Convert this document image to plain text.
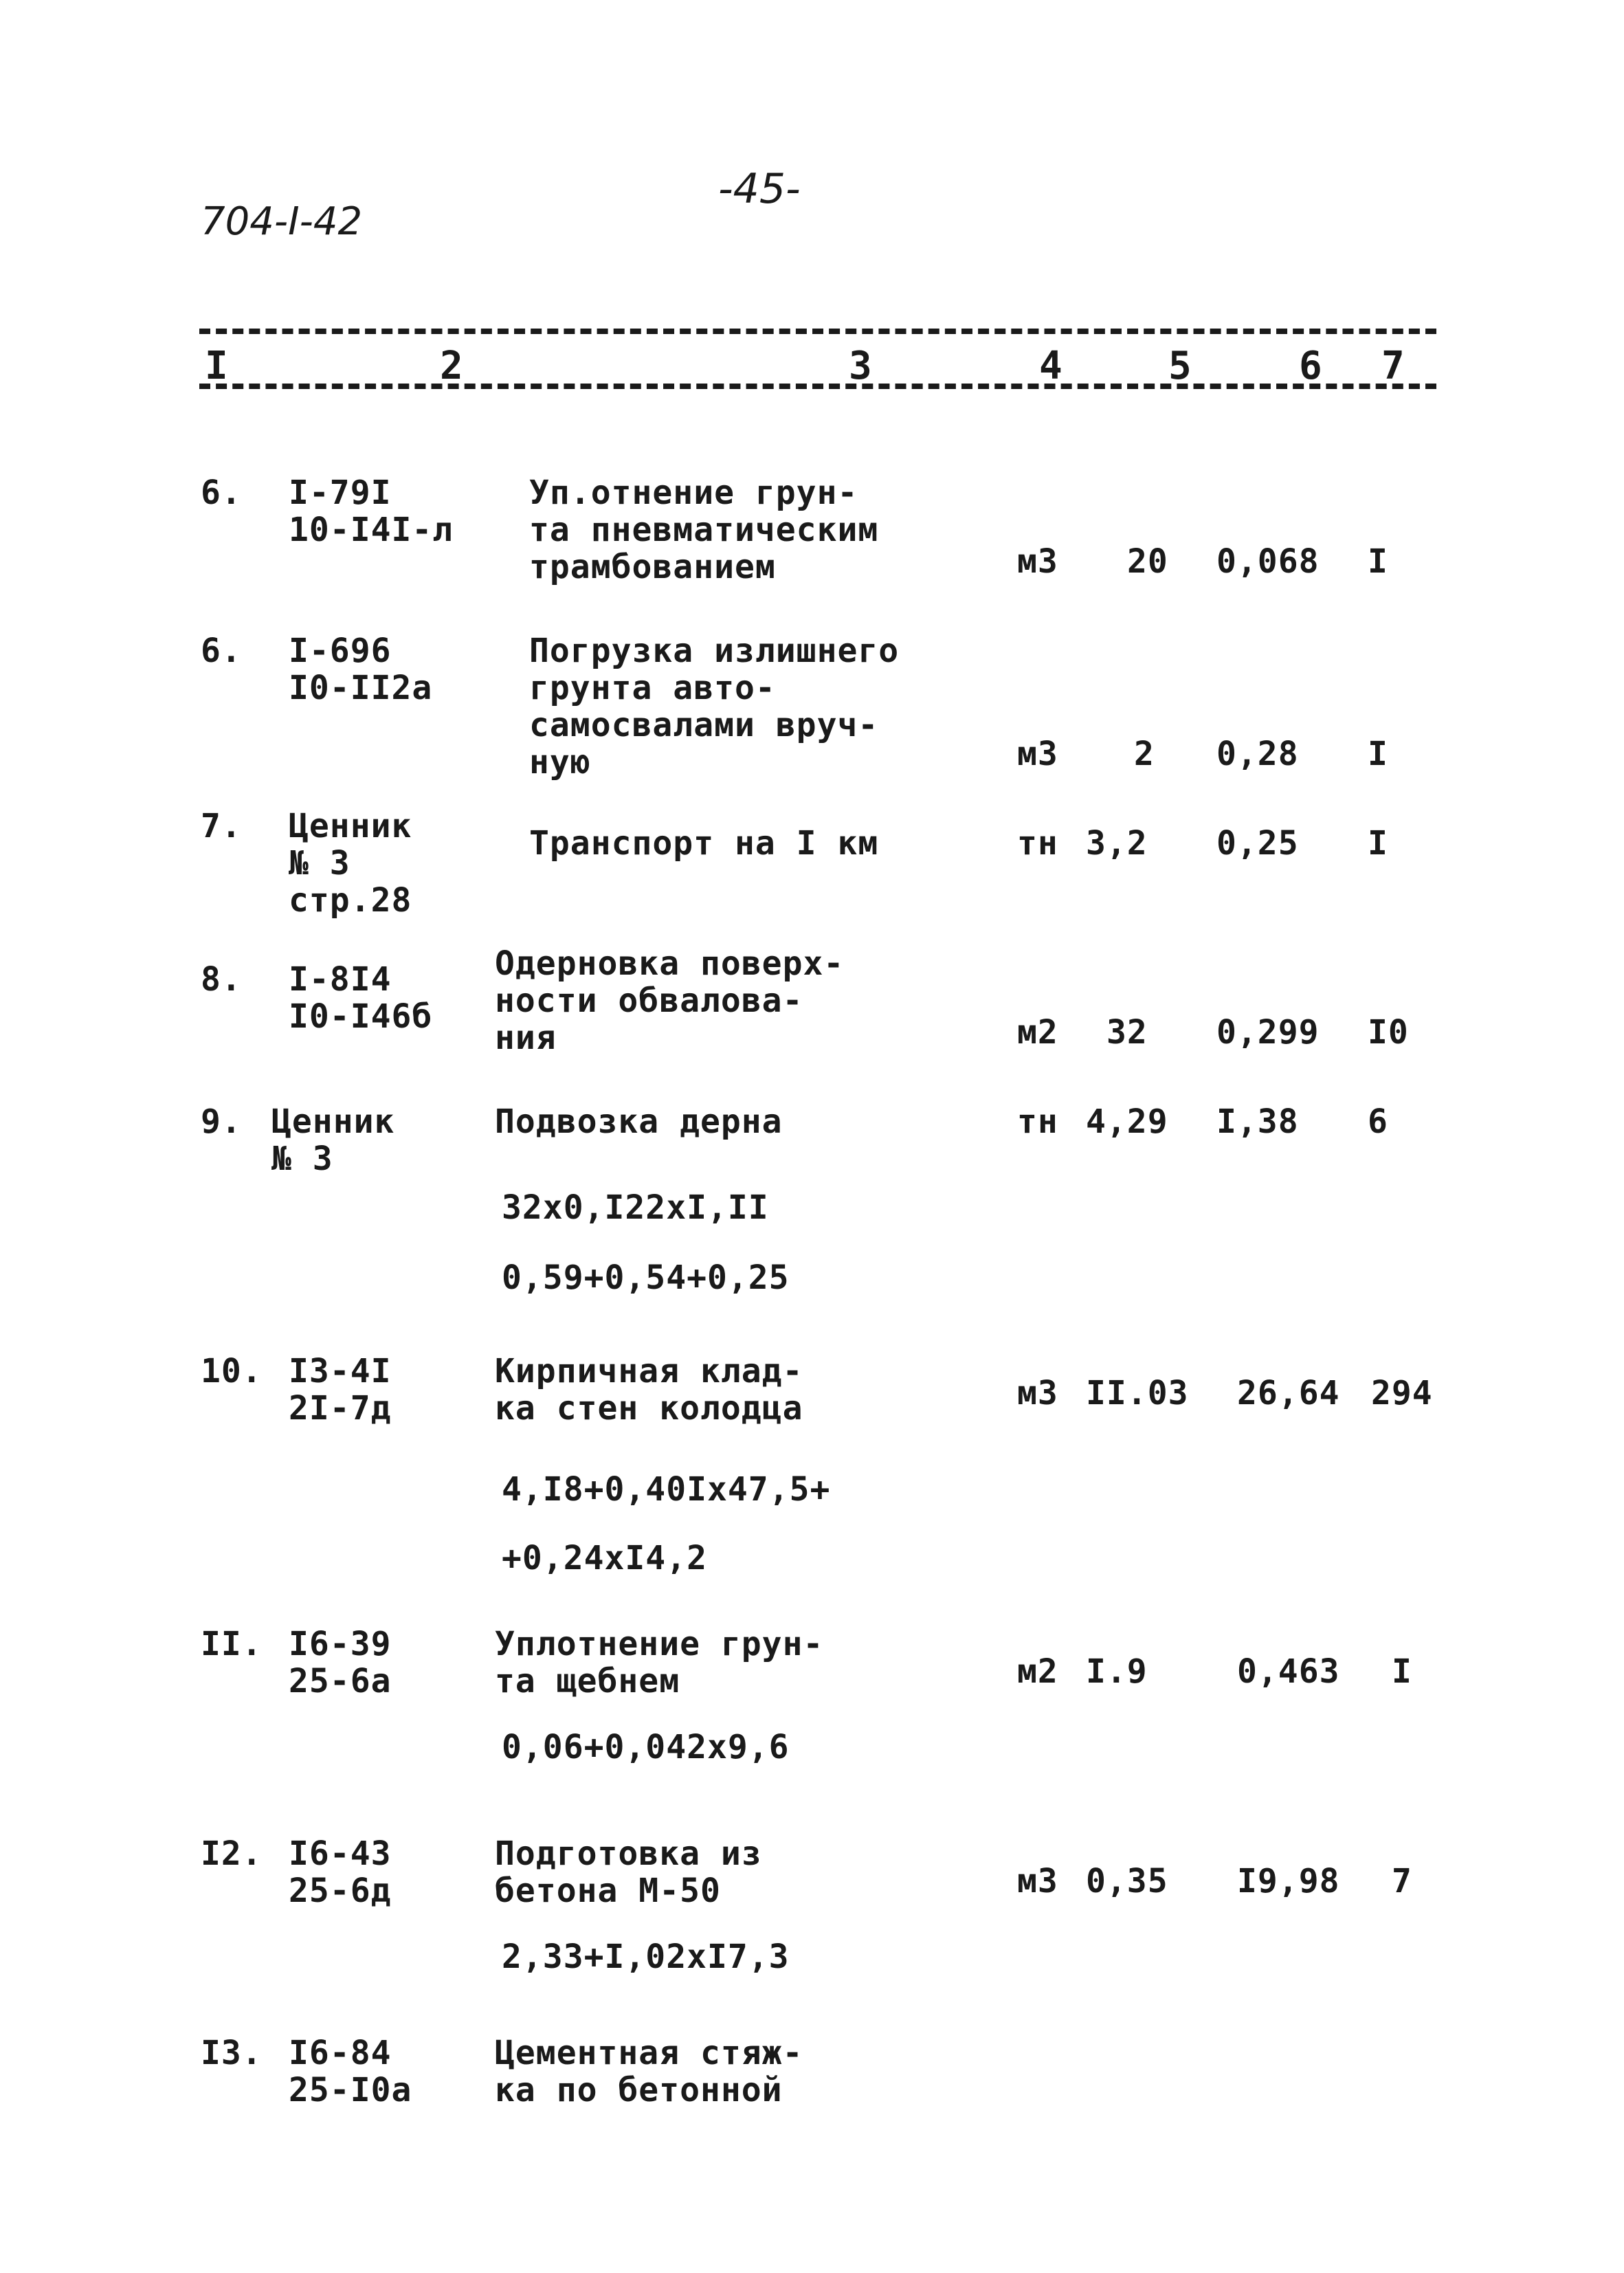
704-I-42
-45-
I	2	3	4	5	6 7
6. I-79I
10-I4I-л
Уп.отнение грун-
та пневматическим
трамбованием	м3 20 0,068 I
6. I-696
I0-II2а
Погрузка излишнего
грунта авто-
самосвалами вруч-
ную	м3 2 0,28 I
7. Ценник
№ 3
стр.28
Транспорт на I км	тн 3,2 0,25 I
8. I-8I4
I0-I46б
Одерновка поверх-
ности обвалова-
ния	м2 32 0,299 I0
9. Ценник
№ 3
Подвозка дерна	тн 4,29 I,38 6
32x0,I22xI,II
0,59+0,54+0,25
10. I3-4I
2I-7д
Кирпичная клад-
ка стен колодца	м3 II.03 26,64 294
4,I8+0,40Iх47,5+
+0,24xI4,2
II. I6-39
25-6а
Уплотнение грун-
та щебнем	м2 I.9	0,463 I
0,06+0,042x9,6
I2. I6-43
25-6д
Подготовка из
бетона М-50	м3 0,35 I9,98 7
2,33+I,02xI7,3
I3. I6-84
25-I0а
Цементная стяж-
ка по бетонной
